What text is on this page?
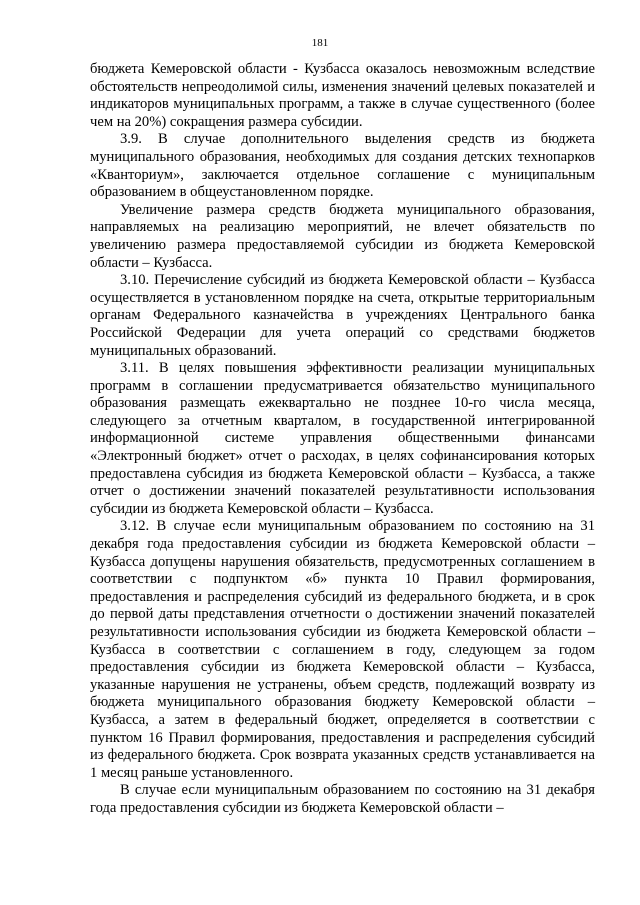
181

бюджета Кемеровской области - Кузбасса оказалось невозможным вследствие обстоятельств непреодолимой силы, изменения значений целевых показателей и индикаторов муниципальных программ, а также в случае существенного (более чем на 20%) сокращения размера субсидии.

3.9. В случае дополнительного выделения средств из бюджета муниципального образования, необходимых для создания детских технопарков «Кванториум», заключается отдельное соглашение с муниципальным образованием в общеустановленном порядке.

Увеличение размера средств бюджета муниципального образования, направляемых на реализацию мероприятий, не влечет обязательств по увеличению размера предоставляемой субсидии из бюджета Кемеровской области – Кузбасса.

3.10. Перечисление субсидий из бюджета Кемеровской области – Кузбасса осуществляется в установленном порядке на счета, открытые территориальным органам Федерального казначейства в учреждениях Центрального банка Российской Федерации для учета операций со средствами бюджетов муниципальных образований.

3.11. В целях повышения эффективности реализации муниципальных программ в соглашении предусматривается обязательство муниципального образования размещать ежеквартально не позднее 10-го числа месяца, следующего за отчетным кварталом, в государственной интегрированной информационной системе управления общественными финансами «Электронный бюджет» отчет о расходах, в целях софинансирования которых предоставлена субсидия из бюджета Кемеровской области – Кузбасса, а также отчет о достижении значений показателей результативности использования субсидии из бюджета Кемеровской области – Кузбасса.

3.12. В случае если муниципальным образованием по состоянию на 31 декабря года предоставления субсидии из бюджета Кемеровской области – Кузбасса допущены нарушения обязательств, предусмотренных соглашением в соответствии с подпунктом «б» пункта 10 Правил формирования, предоставления и распределения субсидий из федерального бюджета, и в срок до первой даты представления отчетности о достижении значений показателей результативности использования субсидии из бюджета Кемеровской области – Кузбасса в соответствии с соглашением в году, следующем за годом предоставления субсидии из бюджета Кемеровской области – Кузбасса, указанные нарушения не устранены, объем средств, подлежащий возврату из бюджета муниципального образования бюджету Кемеровской области – Кузбасса, а затем в федеральный бюджет, определяется в соответствии с пунктом 16 Правил формирования, предоставления и распределения субсидий из федерального бюджета. Срок возврата указанных средств устанавливается на 1 месяц раньше установленного.

В случае если муниципальным образованием по состоянию на 31 декабря года предоставления субсидии из бюджета Кемеровской области –
